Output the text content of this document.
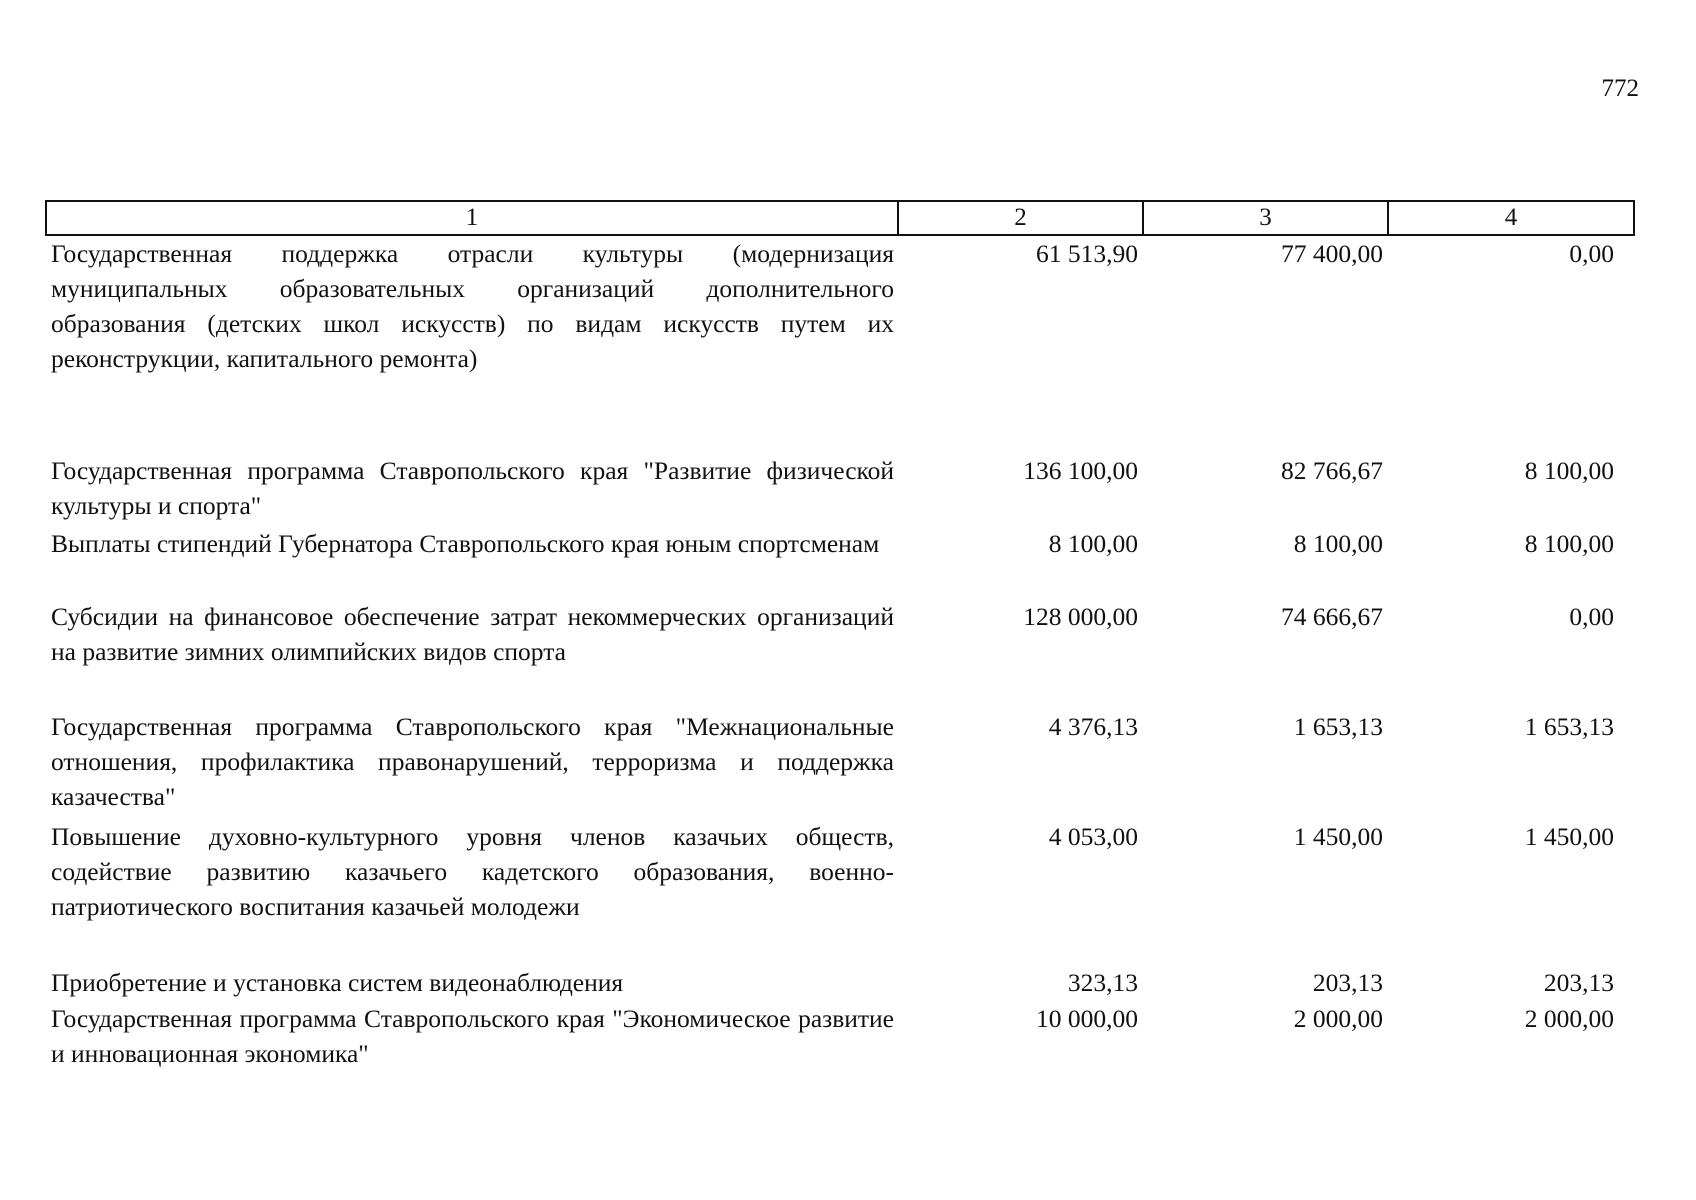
772
1	2	3	4
Государственная поддержка отрасли культуры (модернизация муниципальных образовательных организаций дополнительного образования (детских школ искусств) по видам искусств путем их реконструкции, капитального ремонта)	61 513,90	77 400,00	0,00
Государственная программа Ставропольского края "Развитие физической культуры и спорта"	136 100,00	82 766,67	8 100,00
Выплаты стипендий Губернатора Ставропольского края юным спортсменам	8 100,00	8 100,00	8 100,00
Субсидии на финансовое обеспечение затрат некоммерческих организаций на развитие зимних олимпийских видов спорта	128 000,00	74 666,67	0,00
Государственная программа Ставропольского края "Межнациональные отношения, профилактика правонарушений, терроризма и поддержка казачества"	4 376,13	1 653,13	1 653,13
Повышение духовно-культурного уровня членов казачьих обществ, содействие развитию казачьего кадетского образования, военно-патриотического воспитания казачьей молодежи	4 053,00	1 450,00	1 450,00
Приобретение и установка систем видеонаблюдения	323,13	203,13	203,13
Государственная программа Ставропольского края "Экономическое развитие и инновационная экономика"	10 000,00	2 000,00	2 000,00
